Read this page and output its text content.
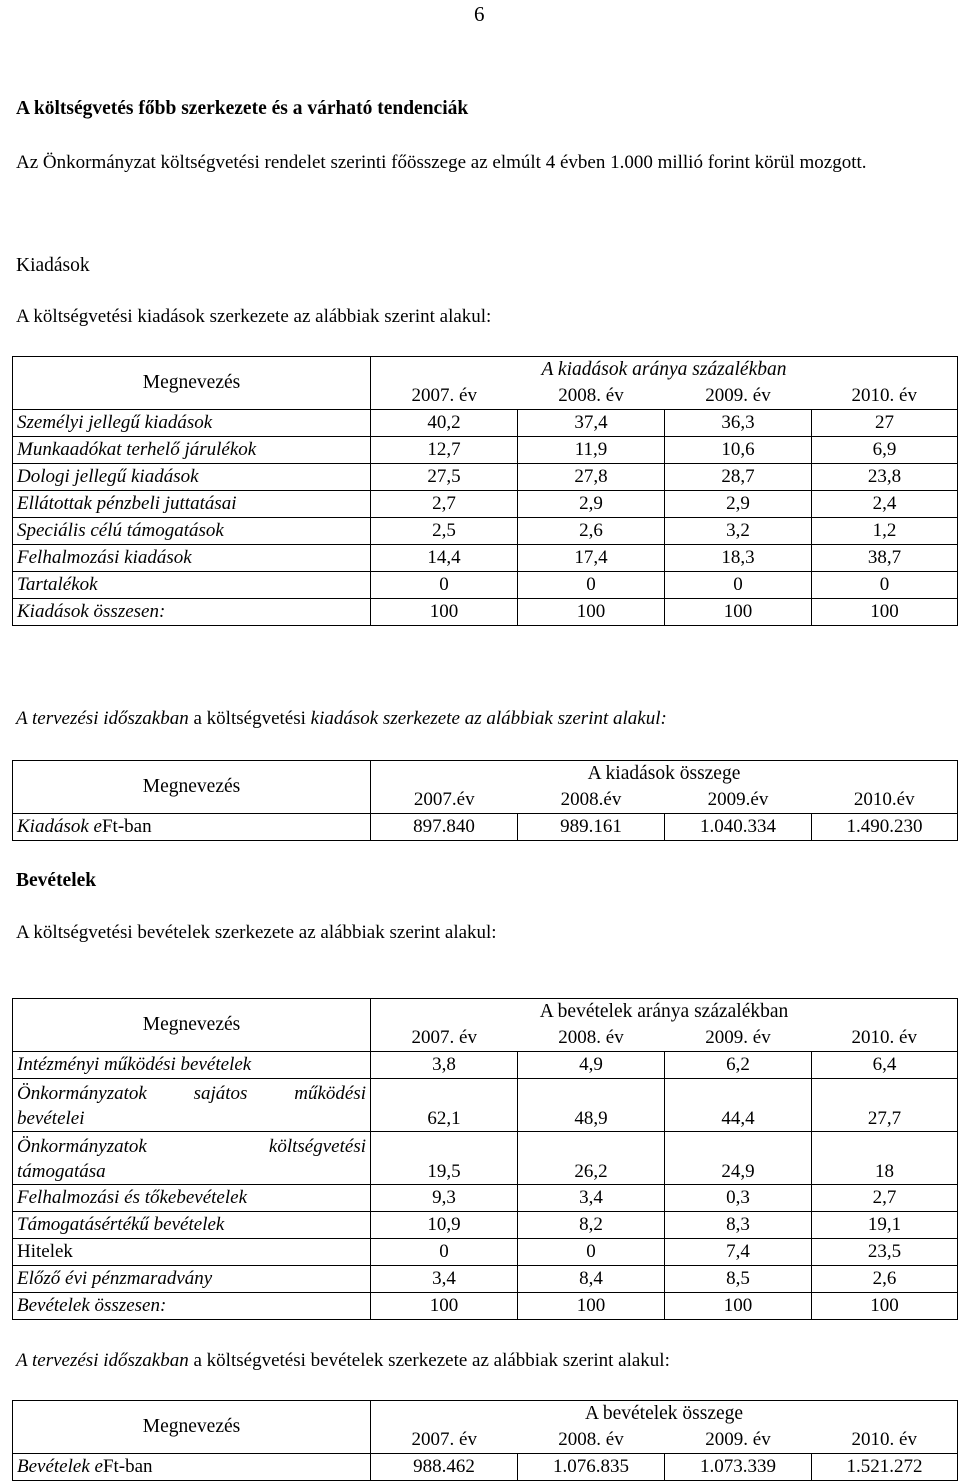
6
A költségvetés főbb szerkezete és a várható tendenciák
Az Önkormányzat költségvetési rendelet szerinti főösszege az elmúlt 4 évben 1.000 millió forint körül mozgott.
Kiadások
A költségvetési kiadások szerkezete az alábbiak szerint alakul:
Megnevezés	A kiadások aránya százalékban			
	2007. év	2008. év	2009. év	2010. év
Személyi jellegű kiadások	40,2	37,4	36,3	27
Munkaadókat terhelő járulékok	12,7	11,9	10,6	6,9
Dologi jellegű kiadások	27,5	27,8	28,7	23,8
Ellátottak pénzbeli juttatásai	2,7	2,9	2,9	2,4
Speciális célú támogatások	2,5	2,6	3,2	1,2
Felhalmozási kiadások	14,4	17,4	18,3	38,7
Tartalékok	0	0	0	0
Kiadások összesen:	100	100	100	100
A tervezési időszakban a költségvetési kiadások szerkezete az alábbiak szerint alakul:
Megnevezés	A kiadások összege			
	2007.év	2008.év	2009.év	2010.év
Kiadások eFt-ban	897.840	989.161	1.040.334	1.490.230
Bevételek
A költségvetési bevételek szerkezete az alábbiak szerint alakul:
Megnevezés	A bevételek aránya százalékban			
	2007. év	2008. év	2009. év	2010. év
Intézményi működési bevételek	3,8	4,9	6,2	6,4

Önkormányzatok sajátos működési
bevételei	62,1	48,9	44,4	27,7

Önkormányzatok költségvetési
támogatása	19,5	26,2	24,9	18
Felhalmozási és tőkebevételek	9,3	3,4	0,3	2,7
Támogatásértékű bevételek	10,9	8,2	8,3	19,1
Hitelek	0	0	7,4	23,5
Előző évi pénzmaradvány	3,4	8,4	8,5	2,6
Bevételek összesen:	100	100	100	100
A tervezési időszakban a költségvetési bevételek szerkezete az alábbiak szerint alakul:
Megnevezés	A bevételek összege			
	2007. év	2008. év	2009. év	2010. év
Bevételek eFt-ban	988.462	1.076.835	1.073.339	1.521.272
